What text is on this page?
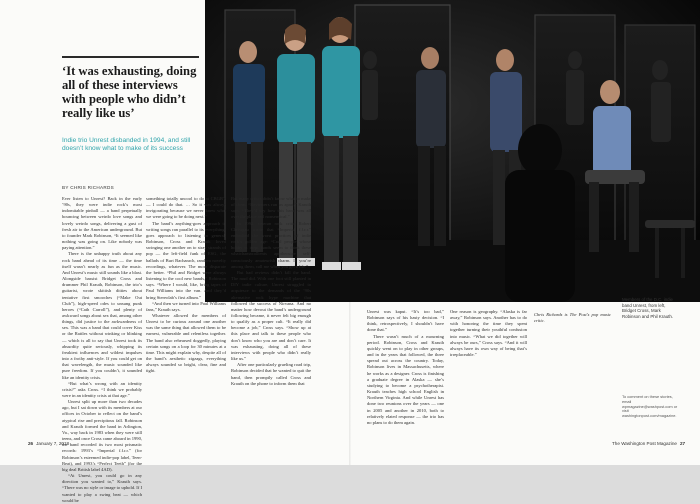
‘It was exhausting, doing all of these interviews with people who didn’t really like us’

Indie trio Unrest disbanded in 1994, and still doesn’t know what to make of its success

BY CHRIS RICHARDS

Ever listen to Unrest? Back in the early ’90s, they were indie rock’s most indomitable pinball — a band perpetually bouncing between weirdo love songs and lovely weirdo songs, delivering a gust of fresh air to the American underground. But to founder Mark Robinson, “It seemed like nothing was going on. Like nobody was paying attention.”

There is the unhappy truth about any rock band ahead of its time — the time itself wasn’t nearly as fun as the music. And Unrest’s music still sounds like a blast. Alongside bassist Bridget Cross and drummer Phil Krauth, Robinson, the trio’s guitarist, wrote skittish ditties about tentative first smooches (“Make Out Club”), high-speed odes to unsung punk heroes (“Cath Carroll”), and plenty of awkward songs about sex that, among other things, did justice to the awkwardness of sex. This was a band that could cover Kiss or the Rattles without winking or blinking — which is all to say that Unrest took its absurdity quite seriously, whipping its freakiest influences and wildest impulses into a frothy anti-style. If you could get on that wavelength, the music sounded like pure freedom. If you couldn’t, it sounded like an identity crisis.

“But what’s wrong with an identity crisis?” asks Cross. “I think we probably were in an identity crisis at that age.”

Unrest split up more than two decades ago, but I sat down with its members at our offices in October to reflect on the band’s atypical rise and precipitous fall. Robinson and Krauth formed the band in Arlington, Va., way back in 1983 when they were still teens, and once Cross came aboard in 1990, the band recorded its two most prismatic records: 1993’s “Imperial f.f.r.r.” (for Robinson’s esteemed indie-pop label, Teen-Beat), and 1993’s “Perfect Teeth” (for the big deal British label 4AD).

“At Unrest, you could go in any direction you wanted to,” Krauth says. “There was no style or image to uphold. If I wanted to play a swing beat — which would be

something totally uncool to do at CBGB’s — I could do that. … So it was always invigorating because we never knew what we were going to be doing next.”

The band’s anything-goes approach to writing songs ran parallel to its everything-goes approach to listening in general. Robinson, Cross and Krauth loved swinging one another on to stray strands of pop — the left-field funk of ESG, the ballads of Burt Bacharach, random novelty recordings, whatever. The more disparate the better. “Phil and Bridget were always listening to the cool new bands,” Robinson says. “Where I would, like, bring tapes of Paul Williams into the van. And they’d bring Stereolab’s first album.”

“And then we turned into Paul Williams fans,” Krauth says.

Whatever allowed the members of Unrest to be curious around one another was the same thing that allowed them to be earnest, vulnerable and relentless together. The band also rehearsed doggedly, playing certain songs on a loop for 30 minutes at a time. This might explain why, despite all of the band’s aesthetic zigzags, everything always sounded so bright, clear, fine and tight.

But many critics didn’t know what to make of them. “Reviewers run us apart,” Krauth says. “They’d say how this band was all over the place and nonsensical.”

In 1992, veteran rock critic Robert Christgau wrote that “Imperial f.f.r.r.” embodied the worst practices of indie rock’s golden age: “Cool people whose hobby is inept bands seem to think these whatchamacallients apotheosize self-consciously amateurish charm. If you’re among them, call me when you get a life.”

But bad reviews didn’t kill the band. The mud did. With one foot still planted in DIY indie culture, Unrest struggled to acquiesce to the demands of the ’90s alternative rock hype machine that followed the success of Nirvana. And no matter how devout the band’s underground following became, it never felt big enough to qualify as a proper cult. “It really did become a job,” Cross says. “Show up at this place and talk to these people who don’t know who you are and don’t care. It was exhausting, doing all of these interviews with people who didn’t really like us.”

After one particularly grueling road trip, Robinson decided that he wanted to quit the band, then promptly called Cross and Krauth on the phone to inform them that

Unrest was kaput. “It’s too bad,” Robinson says of his hasty decision. “I think, retrospectively, I shouldn’t have done that.”

There wasn’t much of a mourning period. Robinson, Cross and Krauth quickly went on to play in other groups, and in the years that followed, the three spread out across the country. Today, Robinson lives in Massachusetts, where he works as a designer. Cross is finishing a graduate degree in Alaska — she’s studying to become a psychotherapist. Krauth teaches high school English in Northern Virginia. And while Unrest has done two reunions over the years — one in 2005 and another in 2010, both to relatively elated response — the trio has no plans to do them again.

One reason is geography. “Alaska is far away,” Robinson says. Another has to do with honoring the time they spent together turning their youthful confusion into music. “What we did together will always be ours,” Cross says. “And it will always have its own way of being that’s irreplaceable.”

Chris Richards is The Post’s pop music critic.

Members of the D.C. indie band Unrest, from left, Bridget Cross, Mark Robinson and Phil Krauth.

To comment on these stories, email wpmagazine@washpost.com or visit washingtonpost.com/magazine.

26 January 7, 2018	The Washington Post Magazine 27
